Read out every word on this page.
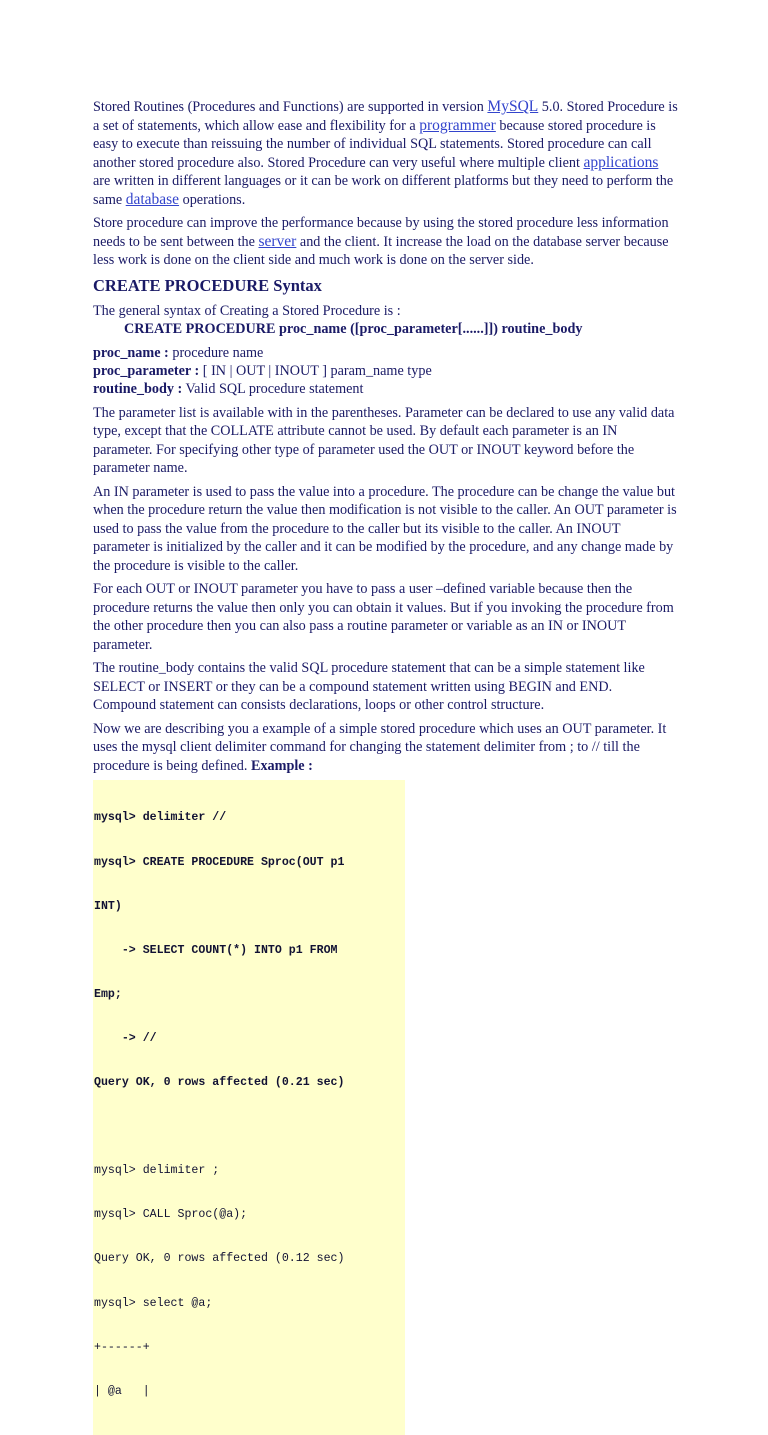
Stored Routines (Procedures and Functions) are supported in version MySQL 5.0. Stored Procedure is a set of statements, which allow ease and flexibility for a programmer because stored procedure is easy to execute than reissuing the number of individual SQL statements. Stored procedure can call another stored procedure also. Stored Procedure can very useful where multiple client applications are written in different languages or it can be work on different platforms but they need to perform the same database operations.

Store procedure can improve the performance because by using the stored procedure less information needs to be sent between the server and the client. It increase the load on the database server because less work is done on the client side and much work is done on the server side.

CREATE PROCEDURE Syntax
The general syntax of Creating a Stored Procedure is :
CREATE PROCEDURE proc_name ([proc_parameter[......]]) routine_body
proc_name : procedure name
proc_parameter : [ IN | OUT | INOUT ] param_name type
routine_body : Valid SQL procedure statement

The parameter list is available with in the parentheses. Parameter can be declared to use any valid data type, except that the COLLATE attribute cannot be used. By default each parameter is an IN parameter. For specifying other type of parameter used the OUT or INOUT keyword before the parameter name.

An IN parameter is used to pass the value into a procedure. The procedure can be change the value but when the procedure return the value then modification is not visible to the caller. An OUT parameter is used to pass the value from the procedure to the caller but its visible to the caller. An INOUT parameter is initialized by the caller and it can be modified by the procedure, and any change made by the procedure is visible to the caller.

For each OUT or INOUT parameter you have to pass a user –defined variable because then the procedure returns the value then only you can obtain it values. But if you invoking the procedure from the other procedure then you can also pass a routine parameter or variable as an IN or INOUT parameter.

The routine_body contains the valid SQL procedure statement that can be a simple statement like SELECT or INSERT or they can be a compound statement written using BEGIN and END. Compound statement can consists declarations, loops or other control structure.

Now we are describing you a example of a simple stored procedure which uses an OUT parameter. It uses the mysql client delimiter command for changing the statement delimiter from ; to // till the procedure is being defined. Example :

mysql> delimiter //

mysql> CREATE PROCEDURE Sproc(OUT p1

INT)

-> SELECT COUNT(*) INTO p1 FROM

Emp;

-> //

Query OK, 0 rows affected (0.21 sec)

mysql> delimiter ;

mysql> CALL Sproc(@a);

Query OK, 0 rows affected (0.12 sec)

mysql> select @a;

+------+

| @a   |
